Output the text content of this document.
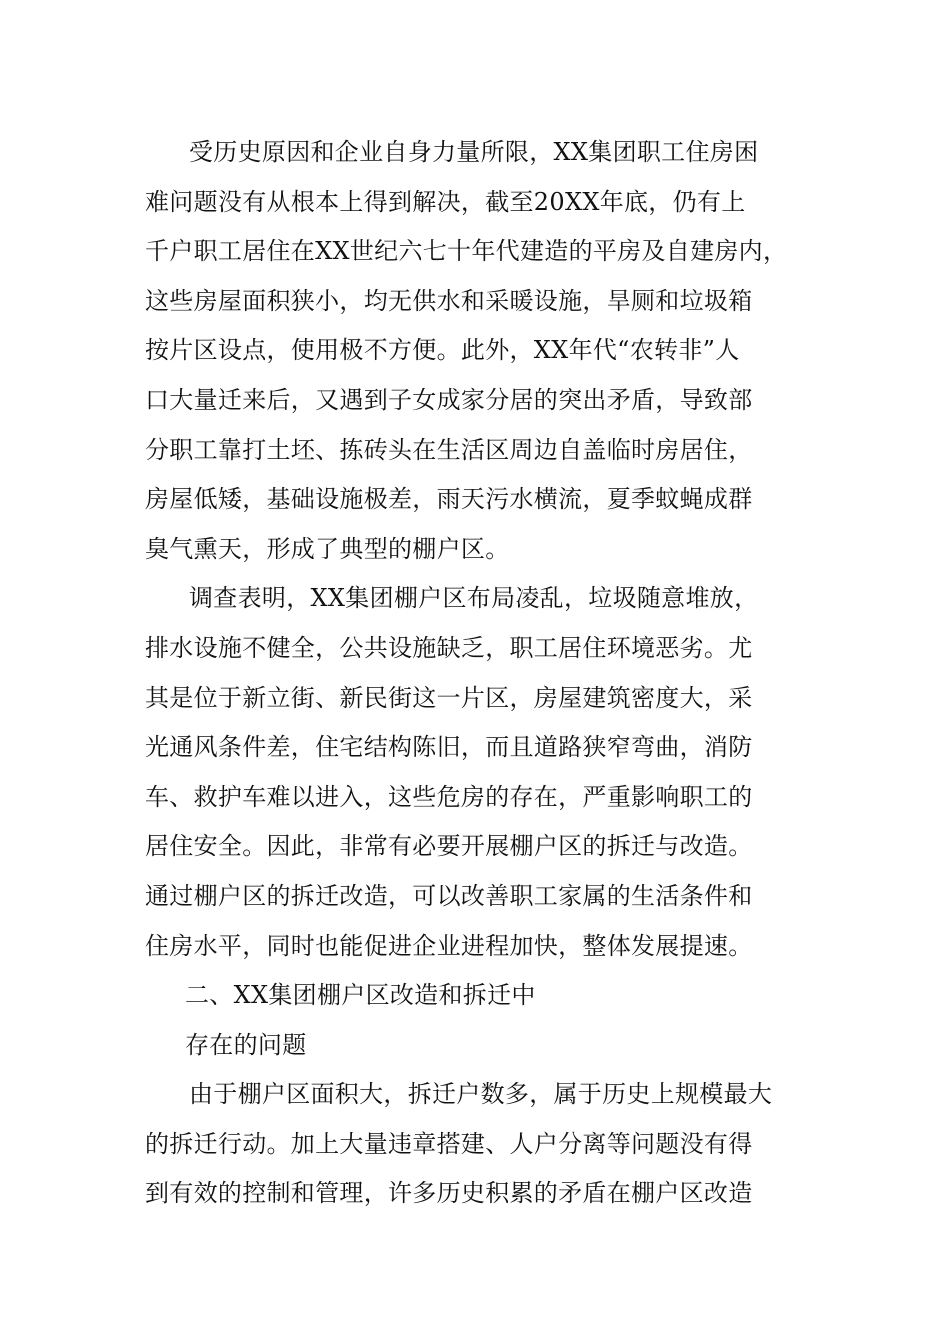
受历史原因和企业自身力量所限，XX集团职工住房困
难问题没有从根本上得到解决，截至20XX年底，仍有上
千户职工居住在XX世纪六七十年代建造的平房及自建房内，
这些房屋面积狭小，均无供水和采暖设施，旱厕和垃圾箱
按片区设点，使用极不方便。此外，XX年代“农转非”人
口大量迁来后，又遇到子女成家分居的突出矛盾，导致部
分职工靠打土坯、拣砖头在生活区周边自盖临时房居住，
房屋低矮，基础设施极差，雨天污水横流，夏季蚊蝇成群
臭气熏天，形成了典型的棚户区。
调查表明，XX集团棚户区布局凌乱，垃圾随意堆放，
排水设施不健全，公共设施缺乏，职工居住环境恶劣。尤
其是位于新立街、新民街这一片区，房屋建筑密度大，采
光通风条件差，住宅结构陈旧，而且道路狭窄弯曲，消防
车、救护车难以进入，这些危房的存在，严重影响职工的
居住安全。因此，非常有必要开展棚户区的拆迁与改造。
通过棚户区的拆迁改造，可以改善职工家属的生活条件和
住房水平，同时也能促进企业进程加快，整体发展提速。
二、XX集团棚户区改造和拆迁中
存在的问题
由于棚户区面积大，拆迁户数多，属于历史上规模最大
的拆迁行动。加上大量违章搭建、人户分离等问题没有得
到有效的控制和管理，许多历史积累的矛盾在棚户区改造
